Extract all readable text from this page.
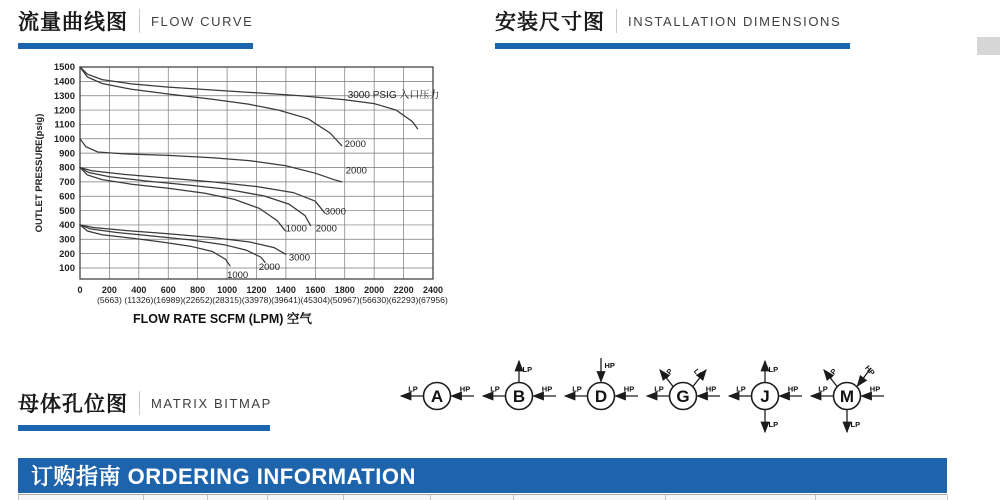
流量曲线图 FLOW CURVE	安装尺寸图 INSTALLATION DIMENSIONS
100
200
300
400
500
600
700
800
900
1000
1100
1200
1300
1400
1500
0 200
(5663)
400
(11326)
600
(16989)
800
(22652)
1000
(28315)
1200
(33978)
1400
(39641)
1600
(45304)
1800
(50967)
2000
(56630)
2200
(62293)
2400
(67956)
OUTLET PRESSURE(psig)
FLOW RATE SCFM (LPM) 空气
3000 PSIG 入口压力
2000
2000
3000
1000 2000
3000
2000
1000
母体孔位图 MATRIX BITMAP
LP	HP
A
LP
LP	HP
B
HP
LP	HP
D
LP LP
LP	HP
G
LP
LP	HP
LP
J
LP	HP
LP	HP
LP
M
订购指南 ORDERING INFORMATION
